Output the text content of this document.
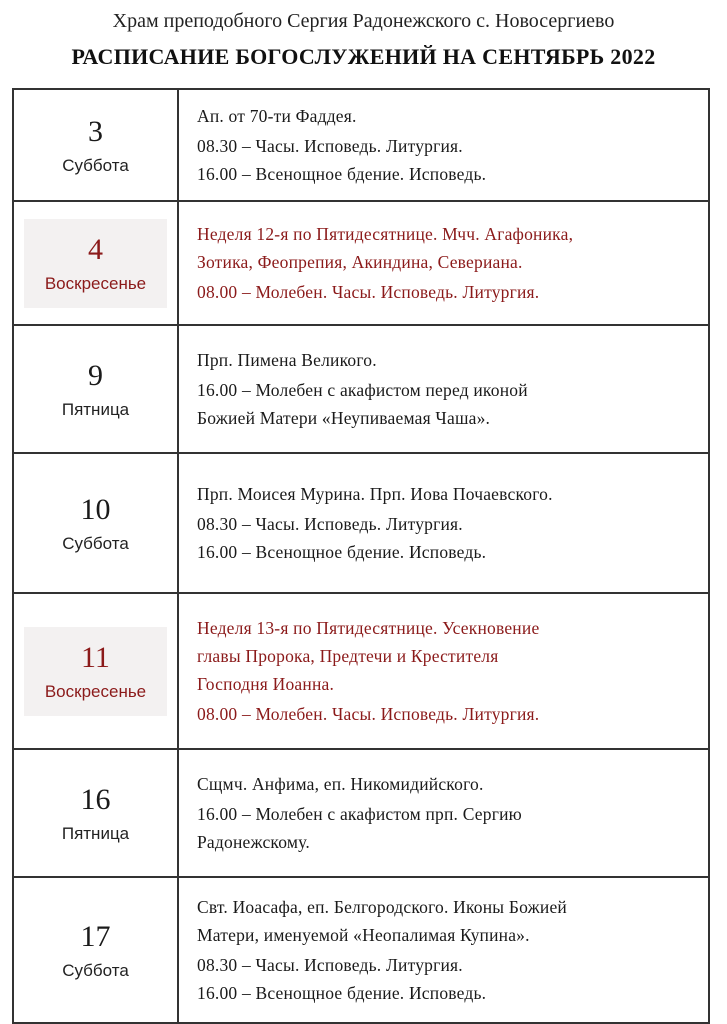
Храм преподобного Сергия Радонежского с. Новосергиево
РАСПИСАНИЕ БОГОСЛУЖЕНИЙ НА СЕНТЯБРЬ 2022
3
Суббота
Ап. от 70-ти Фаддея.
08.30 – Часы. Исповедь. Литургия.
16.00 – Всенощное бдение. Исповедь.
4
Воскресенье
Неделя 12-я по Пятидесятнице. Мчч. Агафоника,
Зотика, Феопрепия, Акиндина, Севериана.
08.00 – Молебен. Часы. Исповедь. Литургия.
9
Пятница
Прп. Пимена Великого.
16.00 – Молебен с акафистом перед иконой
Божией Матери «Неупиваемая Чаша».
10
Суббота
Прп. Моисея Мурина. Прп. Иова Почаевского.
08.30 – Часы. Исповедь. Литургия.
16.00 – Всенощное бдение. Исповедь.
11
Воскресенье
Неделя 13-я по Пятидесятнице. Усекновение
главы Пророка, Предтечи и Крестителя
Господня Иоанна.
08.00 – Молебен. Часы. Исповедь. Литургия.
16
Пятница
Сщмч. Анфима, еп. Никомидийского.
16.00 – Молебен с акафистом прп. Сергию
Радонежскому.
17
Суббота
Свт. Иоасафа, еп. Белгородского. Иконы Божией
Матери, именуемой «Неопалимая Купина».
08.30 – Часы. Исповедь. Литургия.
16.00 – Всенощное бдение. Исповедь.
